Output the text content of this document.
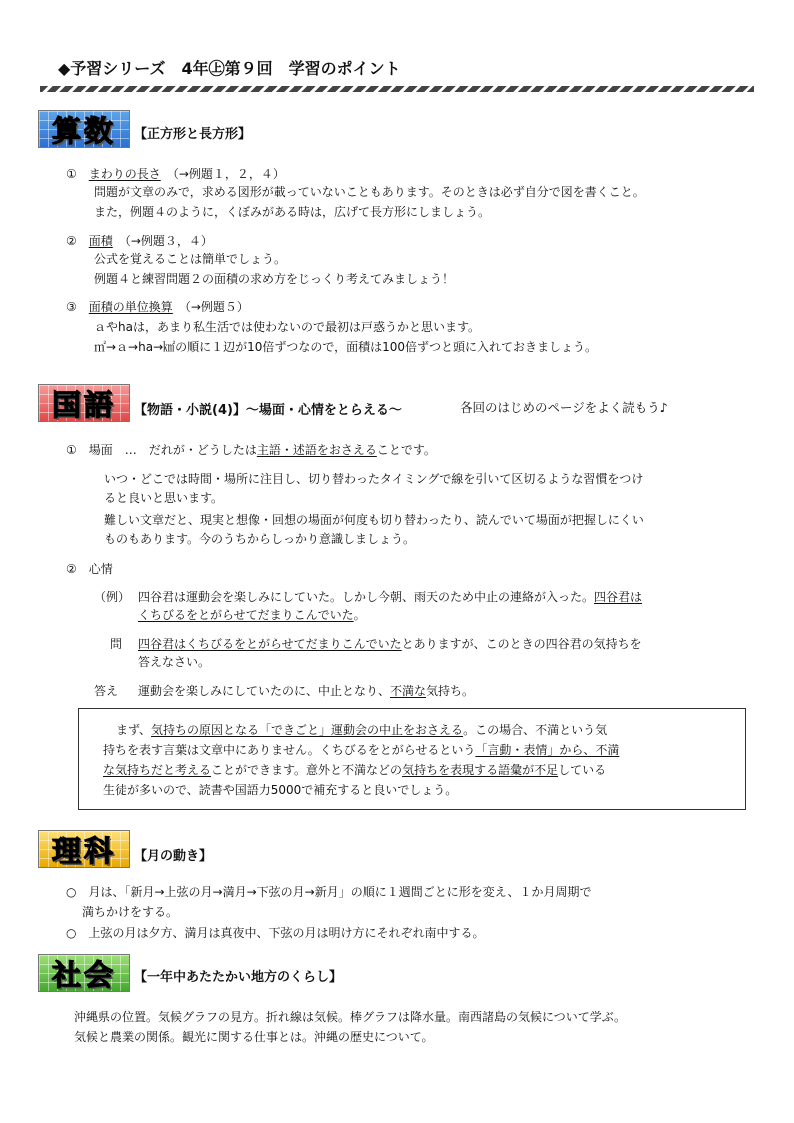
◆予習シリーズ　4年㊤第９回　学習のポイント
算数	【正方形と長方形】
①　 まわりの長さ　 （→例題１，２，４）
問題が文章のみで，求める図形が載っていないこともあります。そのときは必ず自分で図を書くこと。
また，例題４のように，くぼみがある時は，広げて長方形にしましょう。
②　 面積　 （→例題３，４）
公式を覚えることは簡単でしょう。
例題４と練習問題２の面積の求め方をじっくり考えてみましょう！
③　 面積の単位換算　 （→例題５）
ａやhaは，あまり私生活では使わないので最初は戸惑うかと思います。
㎡→ａ→ha→㎢の順に１辺が10倍ずつなので，面積は100倍ずつと頭に入れておきましょう。
国語	【物語・小説(4)】～場面・心情をとらえる～	各回のはじめのページをよく読もう♪
①　 場面　…　 だれが・どうしたは主語・述語をおさえることです。
いつ・どこでは時間・場所に注目し、切り替わったタイミングで線を引いて区切るような習慣をつけ
ると良いと思います。
難しい文章だと、現実と想像・回想の場面が何度も切り替わったり、読んでいて場面が把握しにくい
ものもあります。今のうちからしっかり意識しましょう。
②　 心情
（例） 四谷君は運動会を楽しみにしていた。しかし今朝、雨天のため中止の連絡が入った。四谷君は
くちびるをとがらせてだまりこんでいた。
問 四谷君はくちびるをとがらせてだまりこんでいたとありますが、このときの四谷君の気持ちを
答えなさい。
答え 運動会を楽しみにしていたのに、中止となり、不満な気持ち。
まず、気持ちの原因となる「できごと」運動会の中止をおさえる。この場合、不満という気
持ちを表す言葉は文章中にありません。くちびるをとがらせるという「言動・表情」から、不満
な気持ちだと考えることができます。意外と不満などの気持ちを表現する語彙が不足している
生徒が多いので、読書や国語力5000で補充すると良いでしょう。
理科	【月の動き】
○　 月は、「新月→上弦の月→満月→下弦の月→新月」の順に１週間ごとに形を変え、１か月周期で
満ちかけをする。
○　 上弦の月は夕方、満月は真夜中、下弦の月は明け方にそれぞれ南中する。
社会	【一年中あたたかい地方のくらし】
沖縄県の位置。気候グラフの見方。折れ線は気候。棒グラフは降水量。南西諸島の気候について学ぶ。
気候と農業の関係。観光に関する仕事とは。沖縄の歴史について。
